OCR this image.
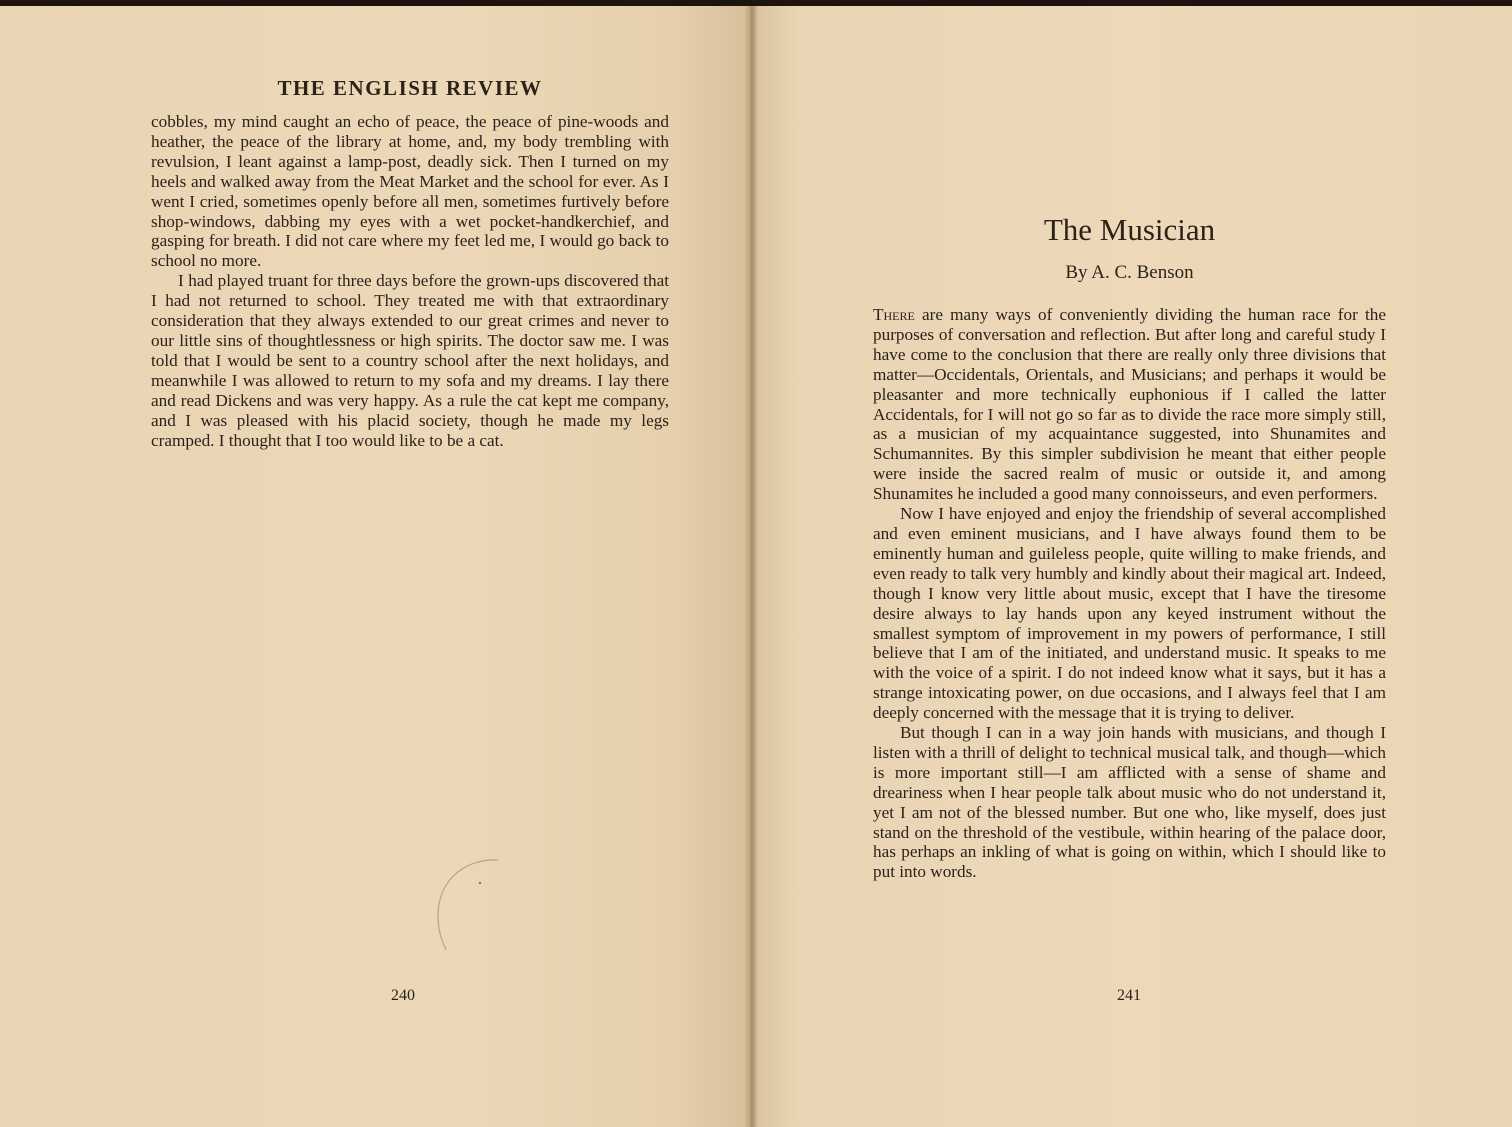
THE ENGLISH REVIEW

cobbles, my mind caught an echo of peace, the peace of pine-woods and heather, the peace of the library at home, and, my body trembling with revulsion, I leant against a lamp-post, deadly sick. Then I turned on my heels and walked away from the Meat Market and the school for ever. As I went I cried, sometimes openly before all men, sometimes furtively before shop-windows, dabbing my eyes with a wet pocket-handkerchief, and gasping for breath. I did not care where my feet led me, I would go back to school no more.

I had played truant for three days before the grown-ups discovered that I had not returned to school. They treated me with that extraordinary consideration that they always extended to our great crimes and never to our little sins of thoughtlessness or high spirits. The doctor saw me. I was told that I would be sent to a country school after the next holidays, and meanwhile I was allowed to return to my sofa and my dreams. I lay there and read Dickens and was very happy. As a rule the cat kept me company, and I was pleased with his placid society, though he made my legs cramped. I thought that I too would like to be a cat.

240
The Musician
By A. C. Benson

There are many ways of conveniently dividing the human race for the purposes of conversation and reflection. But after long and careful study I have come to the conclusion that there are really only three divisions that matter—Occidentals, Orientals, and Musicians; and perhaps it would be pleasanter and more technically euphonious if I called the latter Accidentals, for I will not go so far as to divide the race more simply still, as a musician of my acquaintance suggested, into Shunamites and Schumannites. By this simpler subdivision he meant that either people were inside the sacred realm of music or outside it, and among Shunamites he included a good many connoisseurs, and even performers.

Now I have enjoyed and enjoy the friendship of several accomplished and even eminent musicians, and I have always found them to be eminently human and guileless people, quite willing to make friends, and even ready to talk very humbly and kindly about their magical art. Indeed, though I know very little about music, except that I have the tiresome desire always to lay hands upon any keyed instrument without the smallest symptom of improvement in my powers of performance, I still believe that I am of the initiated, and understand music. It speaks to me with the voice of a spirit. I do not indeed know what it says, but it has a strange intoxicating power, on due occasions, and I always feel that I am deeply concerned with the message that it is trying to deliver.

But though I can in a way join hands with musicians, and though I listen with a thrill of delight to technical musical talk, and though—which is more important still—I am afflicted with a sense of shame and dreariness when I hear people talk about music who do not understand it, yet I am not of the blessed number. But one who, like myself, does just stand on the threshold of the vestibule, within hearing of the palace door, has perhaps an inkling of what is going on within, which I should like to put into words.

241
